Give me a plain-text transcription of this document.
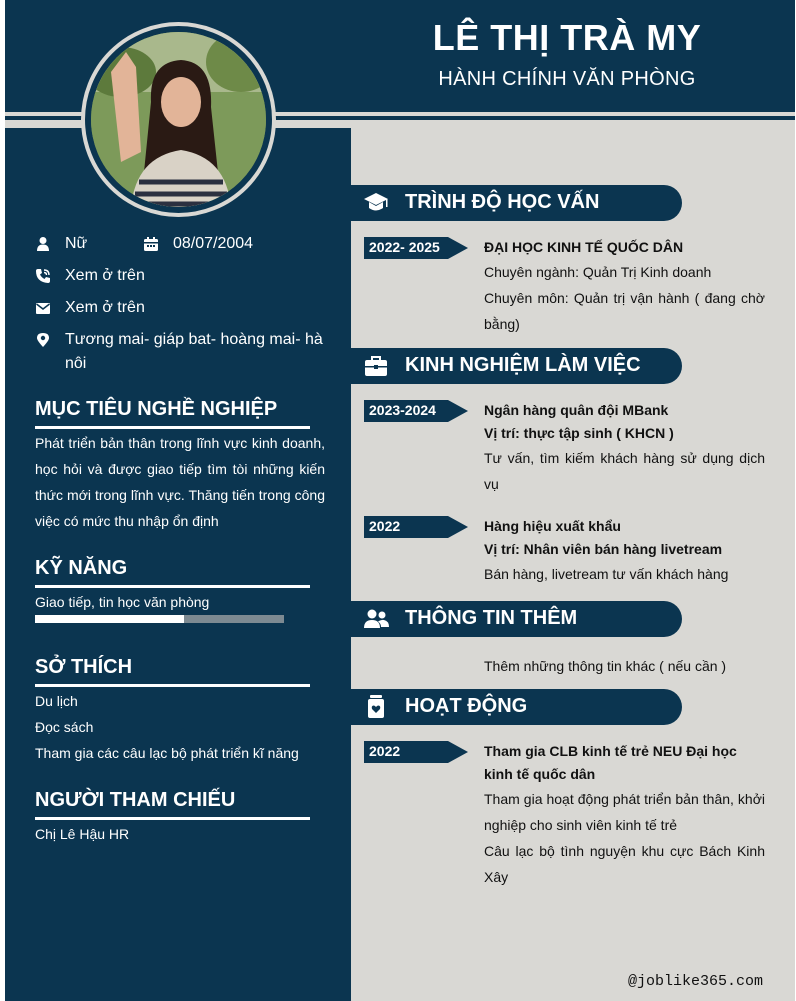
LÊ THỊ TRÀ MY
HÀNH CHÍNH VĂN PHÒNG
Nữ	08/07/2004
Xem ở trên
Xem ở trên
Tương mai- giáp bat- hoàng mai- hà nôi
MỤC TIÊU NGHỀ NGHIỆP
Phát triển bản thân trong lĩnh vực kinh doanh, học hỏi và được giao tiếp tìm tòi những kiến thức mới trong lĩnh vực. Thăng tiến trong công việc có mức thu nhập ổn định
KỸ NĂNG
Giao tiếp, tin học văn phòng
SỞ THÍCH
Du lịch
Đọc sách
Tham gia các câu lạc bộ phát triển kĩ năng
NGƯỜI THAM CHIẾU
Chị Lê Hậu HR
TRÌNH ĐỘ HỌC VẤN
2022- 2025	ĐẠI HỌC KINH TẾ QUỐC DÂN
Chuyên ngành: Quản Trị Kinh doanh
Chuyên môn: Quản trị vận hành ( đang chờ bằng)
KINH NGHIỆM LÀM VIỆC
2023-2024	Ngân hàng quân đội MBank
Vị trí: thực tập sinh ( KHCN )
Tư vấn, tìm kiếm khách hàng sử dụng dịch vụ
2022	Hàng hiệu xuất khẩu
Vị trí: Nhân viên bán hàng livetream
Bán hàng, livetream tư vấn khách hàng
THÔNG TIN THÊM
Thêm những thông tin khác ( nếu cần )
HOẠT ĐỘNG
2022	Tham gia CLB kinh tế trẻ NEU Đại học kinh tế quốc dân
Tham gia hoạt động phát triển bản thân, khởi nghiệp cho sinh viên kinh tế trẻ
Câu lạc bộ tình nguyện khu cực Bách Kinh Xây
@joblike365.com
